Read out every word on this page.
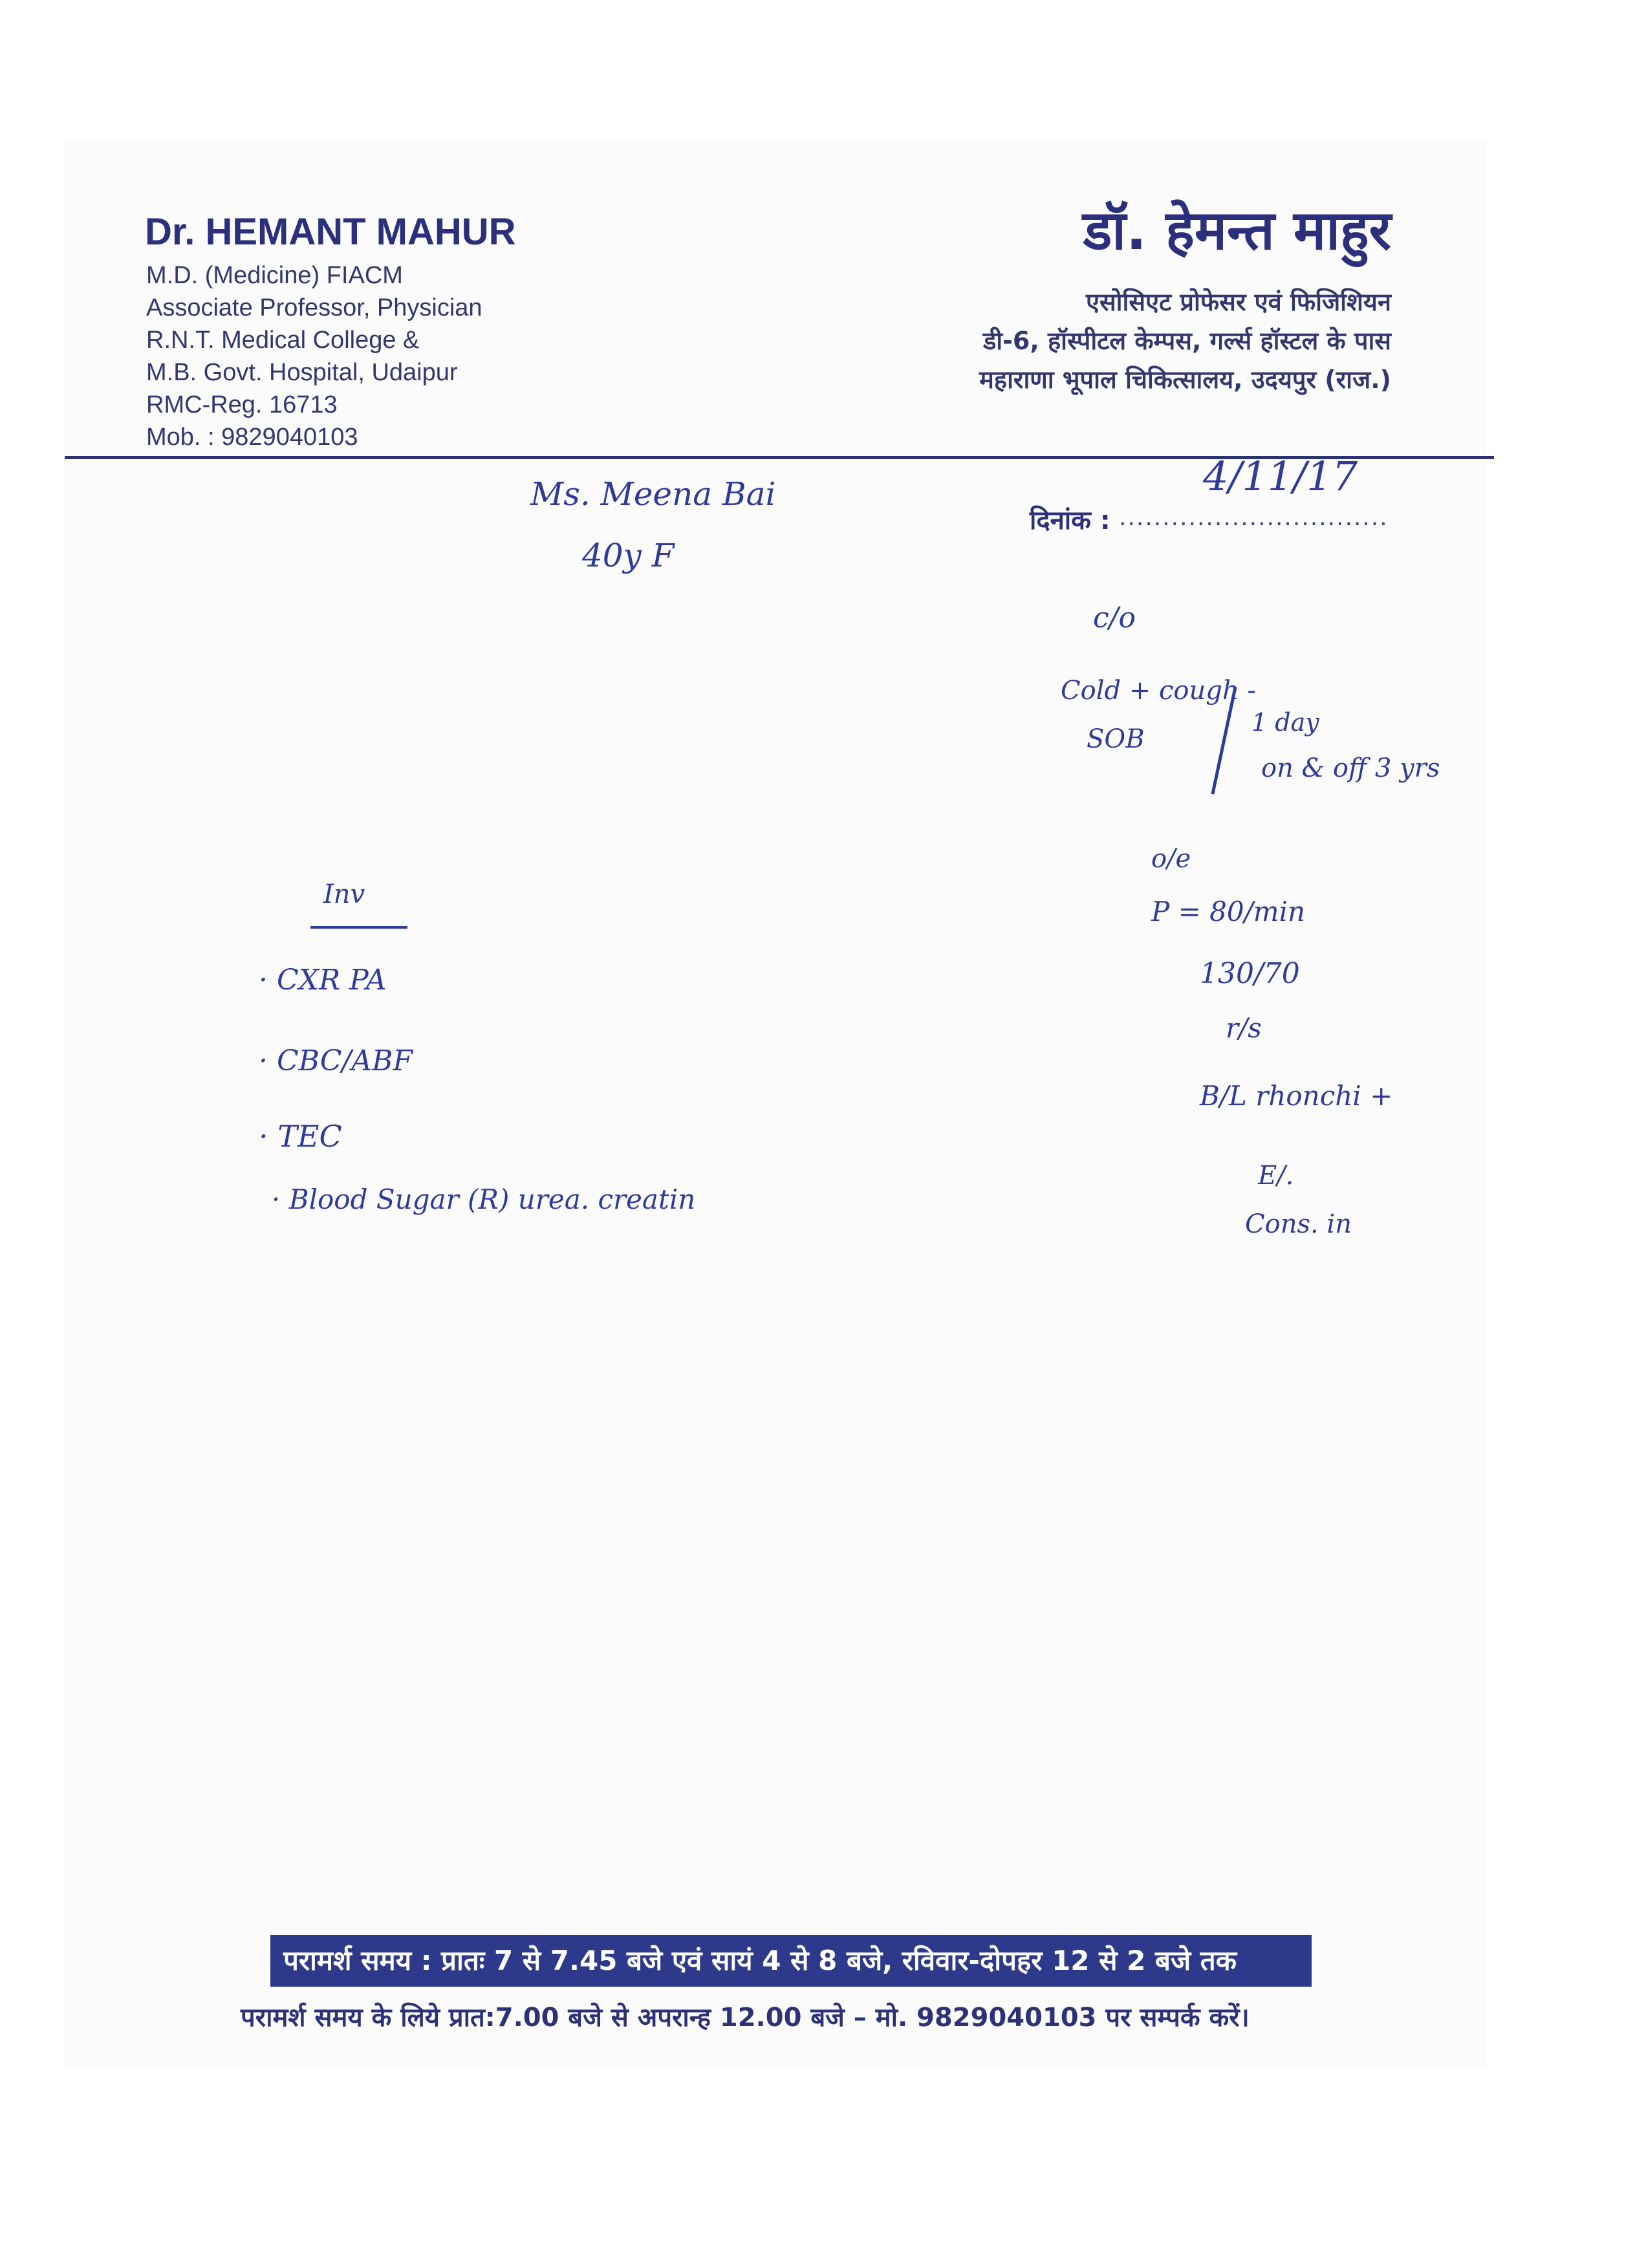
Dr. HEMANT MAHUR
M.D. (Medicine) FIACM
Associate Professor, Physician
R.N.T. Medical College &
M.B. Govt. Hospital, Udaipur
RMC-Reg. 16713
Mob. : 9829040103
डॉ. हेमन्त माहुर
एसोसिएट प्रोफेसर एवं फिजिशियन
डी-6, हॉस्पीटल केम्पस, गर्ल्स हॉस्टल के पास
महाराणा भूपाल चिकित्सालय, उदयपुर (राज.)
दिनांक : ...............................
4/11/17
Ms. Meena Bai
40y F
c/o
Cold + cough -
SOB
1 day
on & off 3 yrs
o/e
P = 80/min
130/70
r/s
B/L rhonchi +
E/.
Cons. in
Inv
· CXR PA
· CBC/ABF
· TEC
· Blood Sugar (R) urea. creatin
परामर्श समय : प्रातः 7 से 7.45 बजे एवं सायं 4 से 8 बजे, रविवार-दोपहर 12 से 2 बजे तक
परामर्श समय के लिये प्रात:7.00 बजे से अपरान्ह 12.00 बजे – मो. 9829040103 पर सम्पर्क करें।
